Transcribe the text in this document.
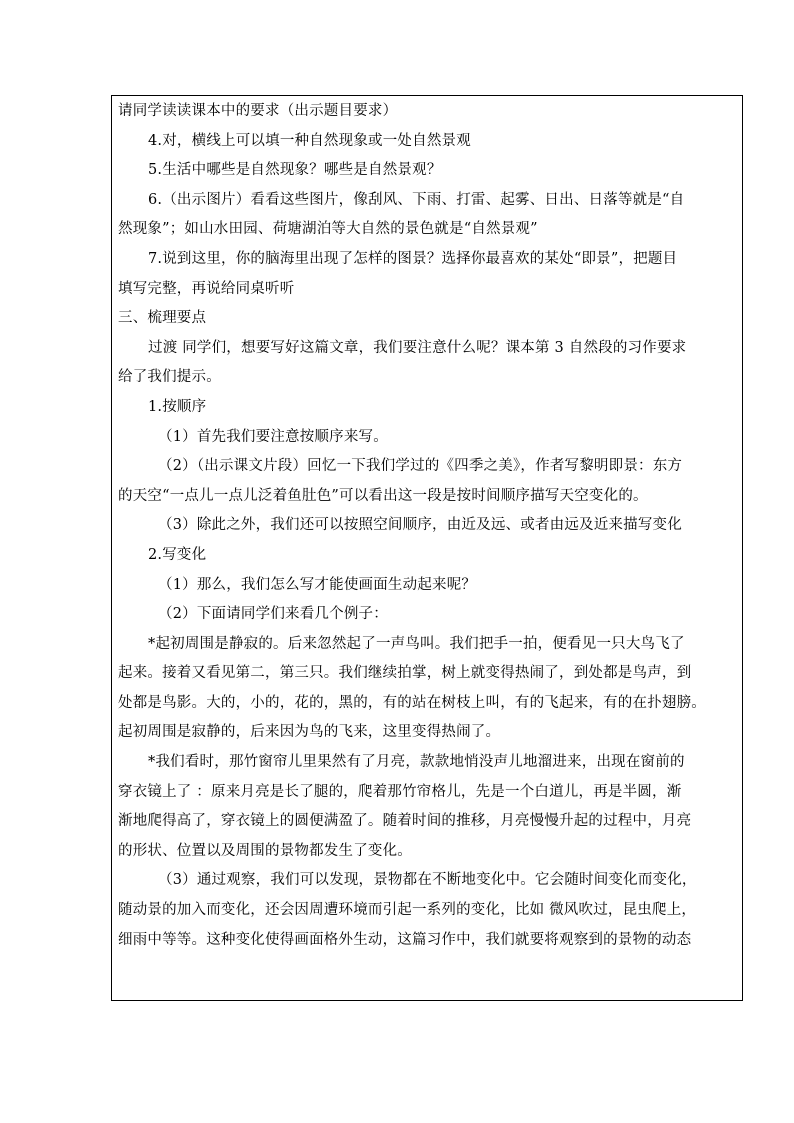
请同学读读课本中的要求（出示题目要求）
4.对，横线上可以填一种自然现象或一处自然景观
5.生活中哪些是自然现象？哪些是自然景观？
6.（出示图片）看看这些图片，像刮风、下雨、打雷、起雾、日出、日落等就是“自
然现象”；如山水田园、荷塘湖泊等大自然的景色就是“自然景观”
7.说到这里，你的脑海里出现了怎样的图景？选择你最喜欢的某处“即景”，把题目
填写完整，再说给同桌听听
三、梳理要点
过渡 同学们，想要写好这篇文章，我们要注意什么呢？课本第 3 自然段的习作要求
给了我们提示。
1.按顺序
（1）首先我们要注意按顺序来写。
（2）（出示课文片段）回忆一下我们学过的《四季之美》，作者写黎明即景：东方
的天空“一点儿一点儿泛着鱼肚色”可以看出这一段是按时间顺序描写天空变化的。
（3）除此之外，我们还可以按照空间顺序，由近及远、或者由远及近来描写变化
2.写变化
（1）那么，我们怎么写才能使画面生动起来呢？
（2）下面请同学们来看几个例子：
*起初周围是静寂的。后来忽然起了一声鸟叫。我们把手一拍，便看见一只大鸟飞了
起来。接着又看见第二，第三只。我们继续拍掌，树上就变得热闹了，到处都是鸟声，到
处都是鸟影。大的，小的，花的，黑的，有的站在树枝上叫，有的飞起来，有的在扑翅膀。
起初周围是寂静的，后来因为鸟的飞来，这里变得热闹了。
*我们看时，那竹窗帘儿里果然有了月亮，款款地悄没声儿地溜进来，出现在窗前的
穿衣镜上了 ：原来月亮是长了腿的，爬着那竹帘格儿，先是一个白道儿，再是半圆，渐
渐地爬得高了，穿衣镜上的圆便满盈了。随着时间的推移，月亮慢慢升起的过程中，月亮
的形状、位置以及周围的景物都发生了变化。
（3）通过观察，我们可以发现，景物都在不断地变化中。它会随时间变化而变化，
随动景的加入而变化，还会因周遭环境而引起一系列的变化，比如 微风吹过，昆虫爬上，
细雨中等等。这种变化使得画面格外生动，这篇习作中，我们就要将观察到的景物的动态
